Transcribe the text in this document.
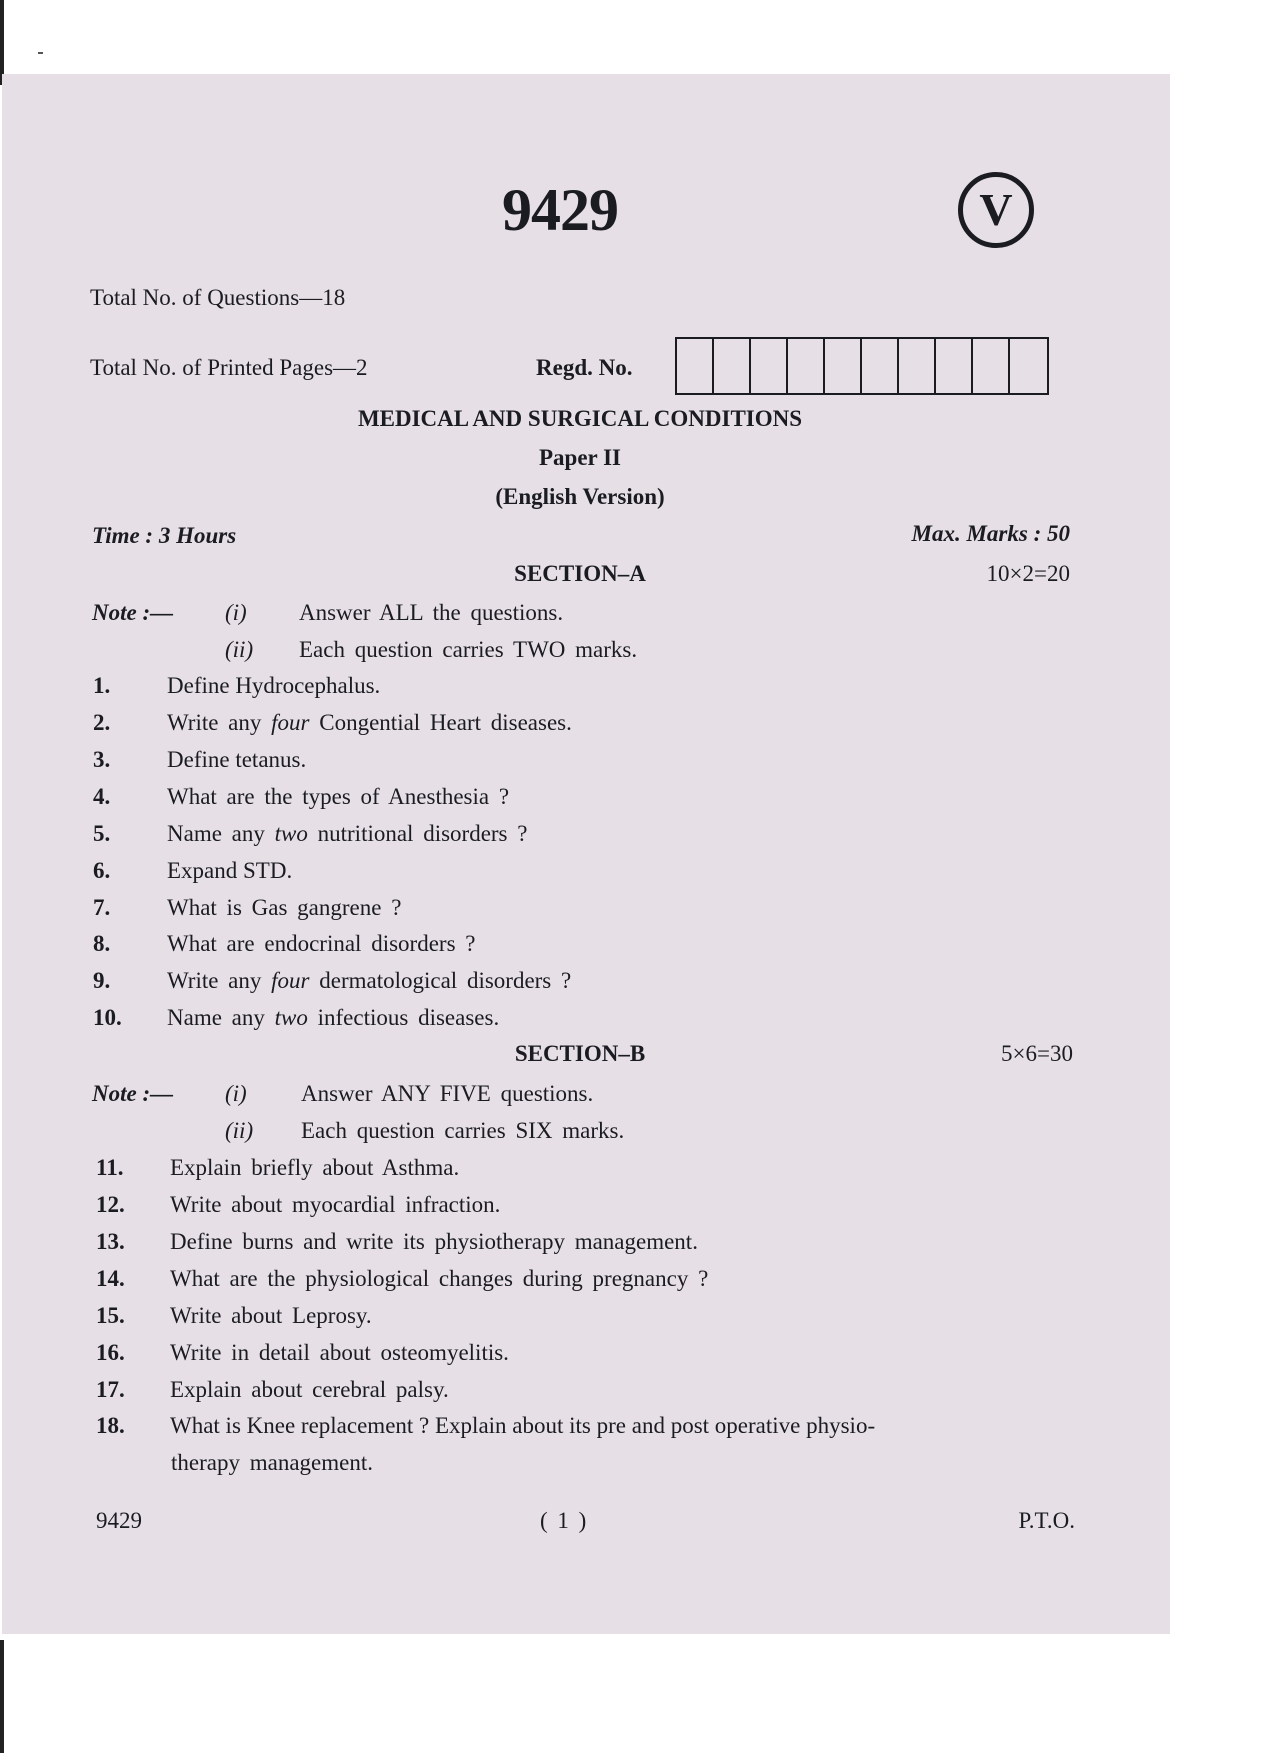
9429	V
Total No. of Questions—18
Total No. of Printed Pages—2	Regd. No.
MEDICAL AND SURGICAL CONDITIONS
Paper II
(English Version)
Time : 3 Hours	Max. Marks : 50
SECTION–A	10×2=20
Note :— (i) Answer ALL the questions.
(ii) Each question carries TWO marks.
1. Define Hydrocephalus.
2. Write any four Congential Heart diseases.
3. Define tetanus.
4. What are the types of Anesthesia ?
5. Name any two nutritional disorders ?
6. Expand STD.
7. What is Gas gangrene ?
8. What are endocrinal disorders ?
9. Write any four dermatological disorders ?
10. Name any two infectious diseases.
SECTION–B	5×6=30
Note :— (i) Answer ANY FIVE questions.
(ii) Each question carries SIX marks.
11. Explain briefly about Asthma.
12. Write about myocardial infraction.
13. Define burns and write its physiotherapy management.
14. What are the physiological changes during pregnancy ?
15. Write about Leprosy.
16. Write in detail about osteomyelitis.
17. Explain about cerebral palsy.
18. What is Knee replacement ? Explain about its pre and post operative physio-
therapy management.
9429	( 1 )	P.T.O.
